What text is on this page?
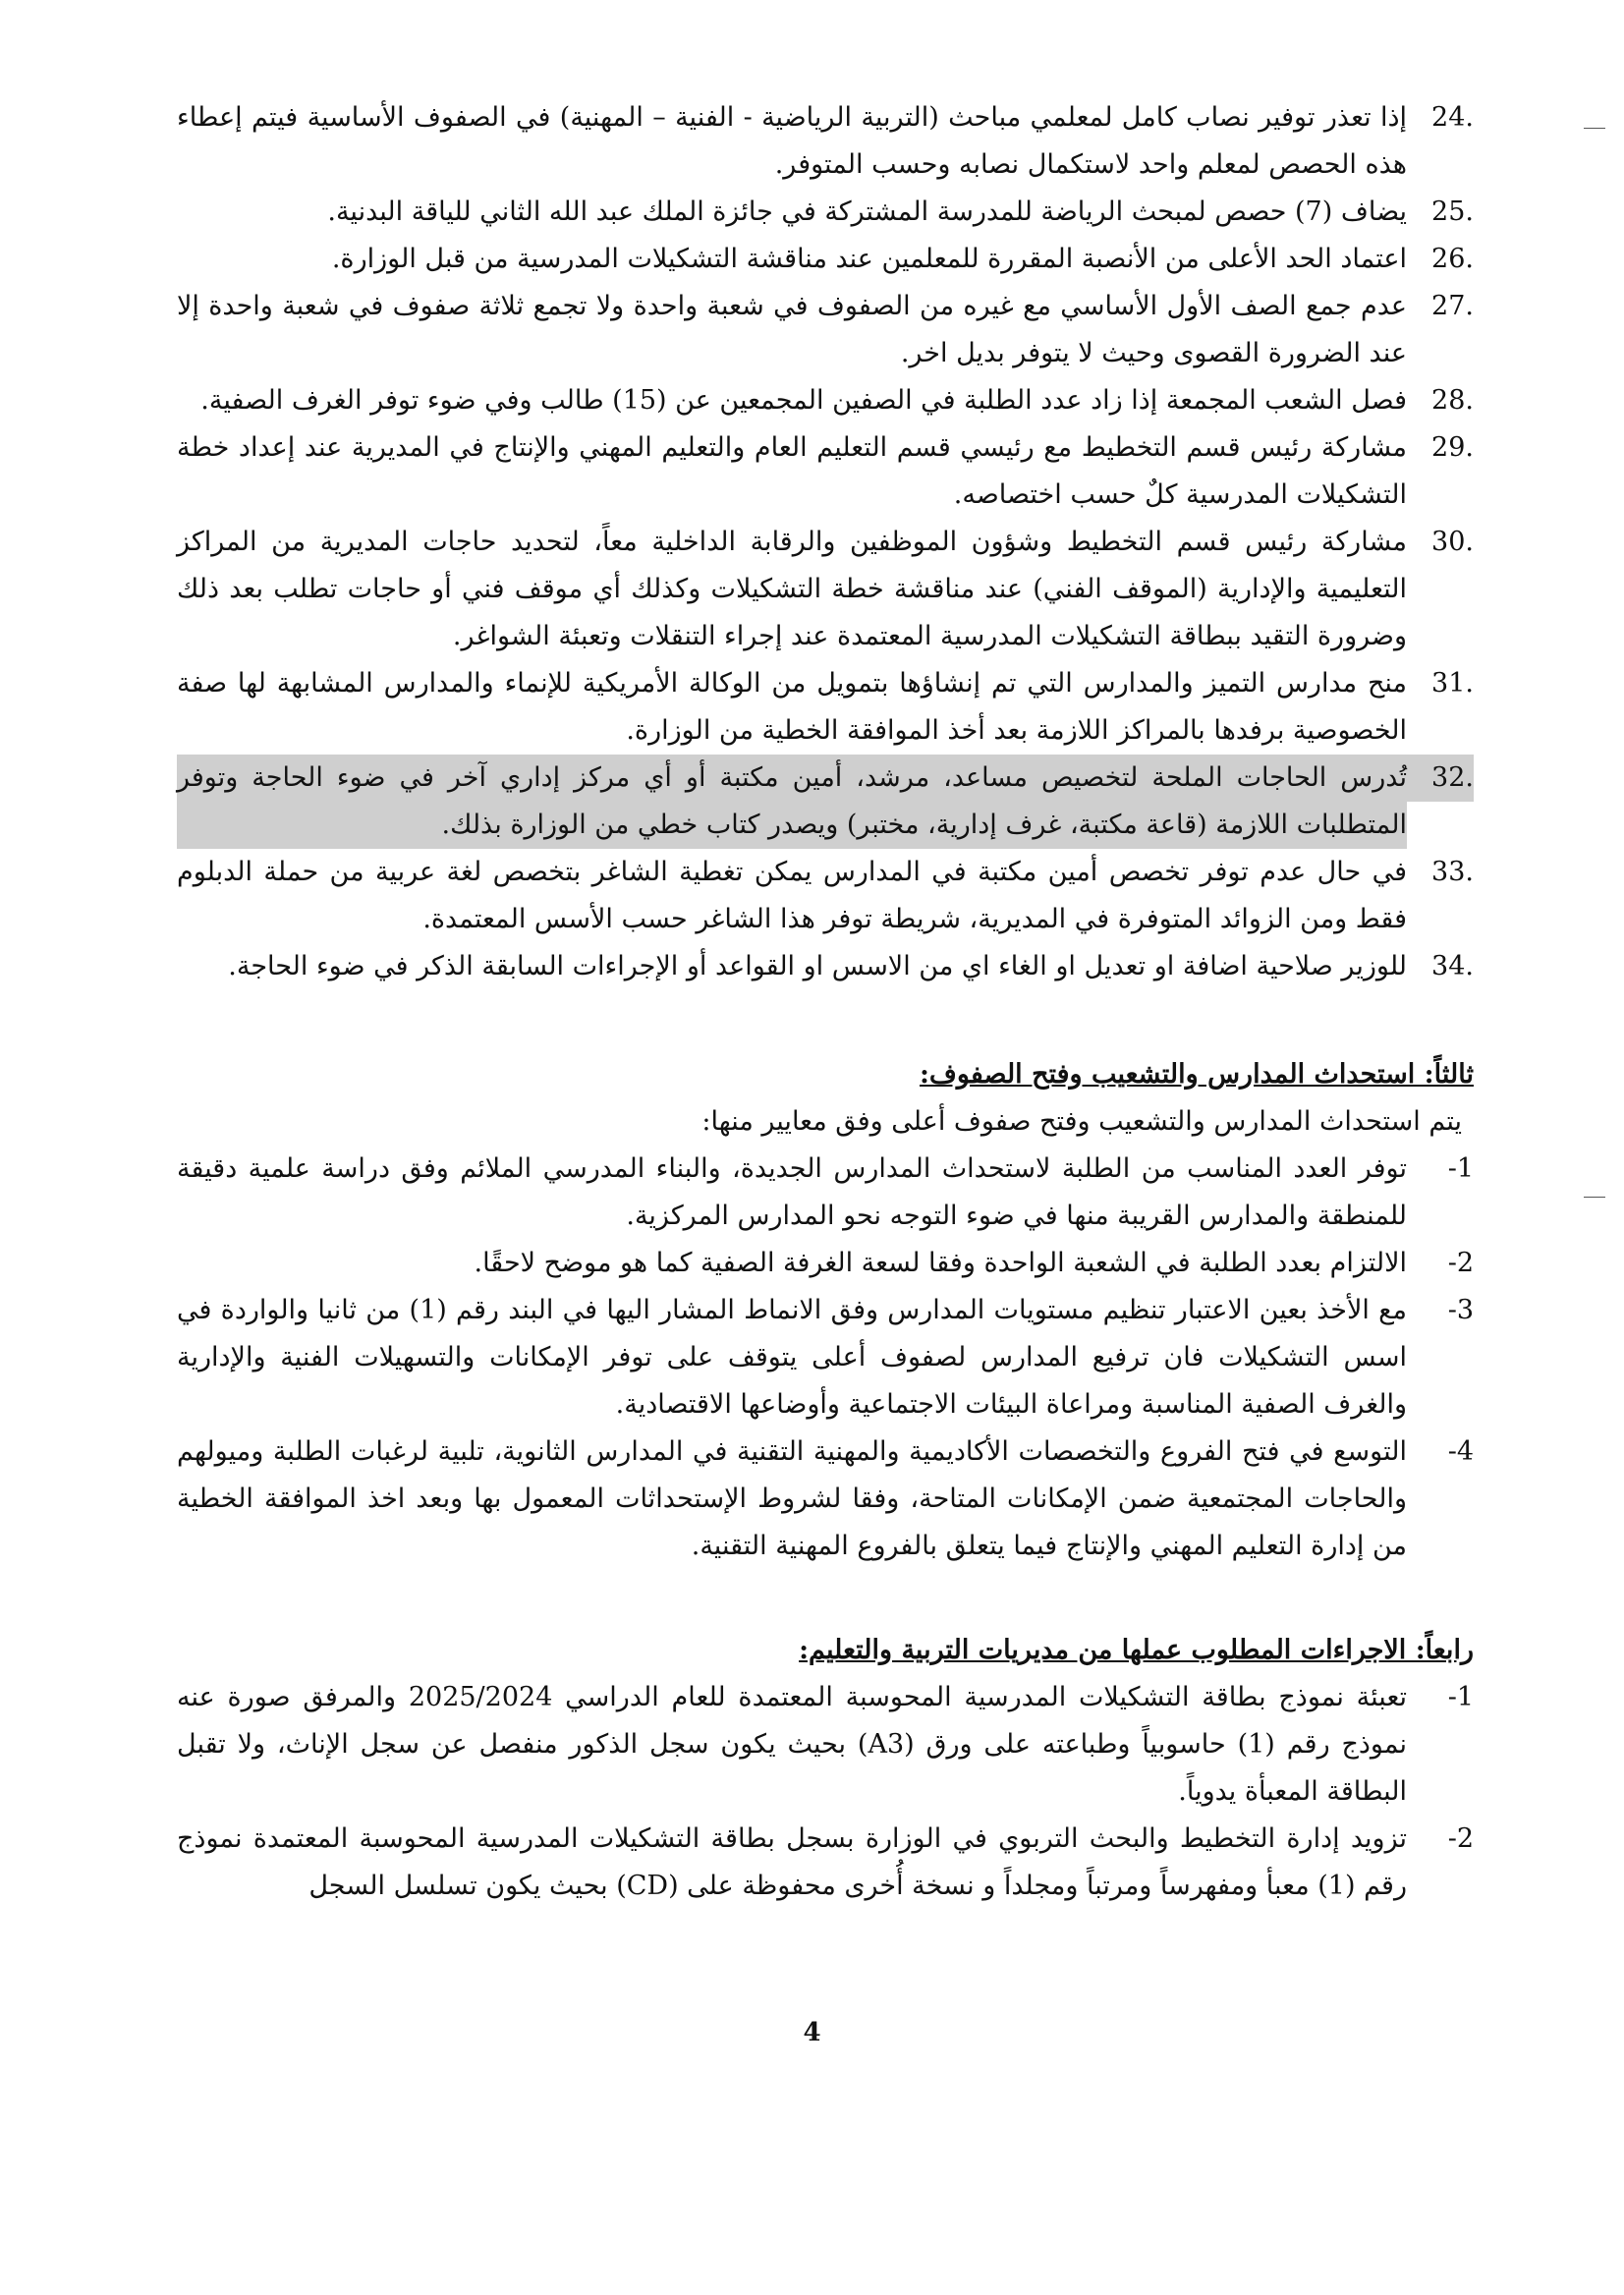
.24
إذا تعذر توفير نصاب كامل لمعلمي مباحث (التربية الرياضية - الفنية – المهنية) في الصفوف الأساسية فيتم إعطاء هذه الحصص لمعلم واحد لاستكمال نصابه وحسب المتوفر.
.25
يضاف (7) حصص لمبحث الرياضة للمدرسة المشتركة في جائزة الملك عبد الله الثاني للياقة البدنية.
.26
اعتماد الحد الأعلى من الأنصبة المقررة للمعلمين عند مناقشة التشكيلات المدرسية من قبل الوزارة.
.27
عدم جمع الصف الأول الأساسي مع غيره من الصفوف في شعبة واحدة ولا تجمع ثلاثة صفوف في شعبة واحدة إلا عند الضرورة القصوى وحيث لا يتوفر بديل اخر.
.28
فصل الشعب المجمعة إذا زاد عدد الطلبة في الصفين المجمعين عن (15) طالب وفي ضوء توفر الغرف الصفية.
.29
مشاركة رئيس قسم التخطيط مع رئيسي قسم التعليم العام والتعليم المهني والإنتاج في المديرية عند إعداد خطة التشكيلات المدرسية كلٌ حسب اختصاصه.
.30
مشاركة رئيس قسم التخطيط وشؤون الموظفين والرقابة الداخلية معاً، لتحديد حاجات المديرية من المراكز التعليمية والإدارية (الموقف الفني) عند مناقشة خطة التشكيلات وكذلك أي موقف فني أو حاجات تطلب بعد ذلك وضرورة التقيد ببطاقة التشكيلات المدرسية المعتمدة عند إجراء التنقلات وتعبئة الشواغر.
.31
منح مدارس التميز والمدارس التي تم إنشاؤها بتمويل من الوكالة الأمريكية للإنماء والمدارس المشابهة لها صفة الخصوصية برفدها بالمراكز اللازمة بعد أخذ الموافقة الخطية من الوزارة.
.32
تُدرس الحاجات الملحة لتخصيص مساعد، مرشد، أمين مكتبة أو أي مركز إداري آخر في ضوء الحاجة وتوفر المتطلبات اللازمة (قاعة مكتبة، غرف إدارية، مختبر) ويصدر كتاب خطي من الوزارة بذلك.
.33
في حال عدم توفر تخصص أمين مكتبة في المدارس يمكن تغطية الشاغر بتخصص لغة عربية من حملة الدبلوم فقط ومن الزوائد المتوفرة في المديرية، شريطة توفر هذا الشاغر حسب الأسس المعتمدة.
.34
للوزير صلاحية اضافة او تعديل او الغاء اي من الاسس او القواعد أو الإجراءات السابقة الذكر في ضوء الحاجة.
ثالثاً: استحداث المدارس والتشعيب وفتح الصفوف:
يتم استحداث المدارس والتشعيب وفتح صفوف أعلى وفق معايير منها:
1-
توفر العدد المناسب من الطلبة لاستحداث المدارس الجديدة، والبناء المدرسي الملائم وفق دراسة علمية دقيقة للمنطقة والمدارس القريبة منها في ضوء التوجه نحو المدارس المركزية.
2-
الالتزام بعدد الطلبة في الشعبة الواحدة وفقا لسعة الغرفة الصفية كما هو موضح لاحقًا.
3-
مع الأخذ بعين الاعتبار تنظيم مستويات المدارس وفق الانماط المشار اليها في البند رقم (1) من ثانيا والواردة في اسس التشكيلات فان ترفيع المدارس لصفوف أعلى يتوقف على توفر الإمكانات والتسهيلات الفنية والإدارية والغرف الصفية المناسبة ومراعاة البيئات الاجتماعية وأوضاعها الاقتصادية.
4-
التوسع في فتح الفروع والتخصصات الأكاديمية والمهنية التقنية في المدارس الثانوية، تلبية لرغبات الطلبة وميولهم والحاجات المجتمعية ضمن الإمكانات المتاحة، وفقا لشروط الإستحداثات المعمول بها وبعد اخذ الموافقة الخطية من إدارة التعليم المهني والإنتاج فيما يتعلق بالفروع المهنية التقنية.
رابعاً: الاجراءات المطلوب عملها من مديريات التربية والتعليم:
1-
تعبئة نموذج بطاقة التشكيلات المدرسية المحوسبة المعتمدة للعام الدراسي 2025/2024 والمرفق صورة عنه نموذج رقم (1) حاسوبياً وطباعته على ورق (A3) بحيث يكون سجل الذكور منفصل عن سجل الإناث، ولا تقبل البطاقة المعبأة يدوياً.
2-
تزويد إدارة التخطيط والبحث التربوي في الوزارة بسجل بطاقة التشكيلات المدرسية المحوسبة المعتمدة نموذج رقم (1) معبأ ومفهرساً ومرتباً ومجلداً و نسخة أُخرى محفوظة على (CD) بحيث يكون تسلسل السجل
4
